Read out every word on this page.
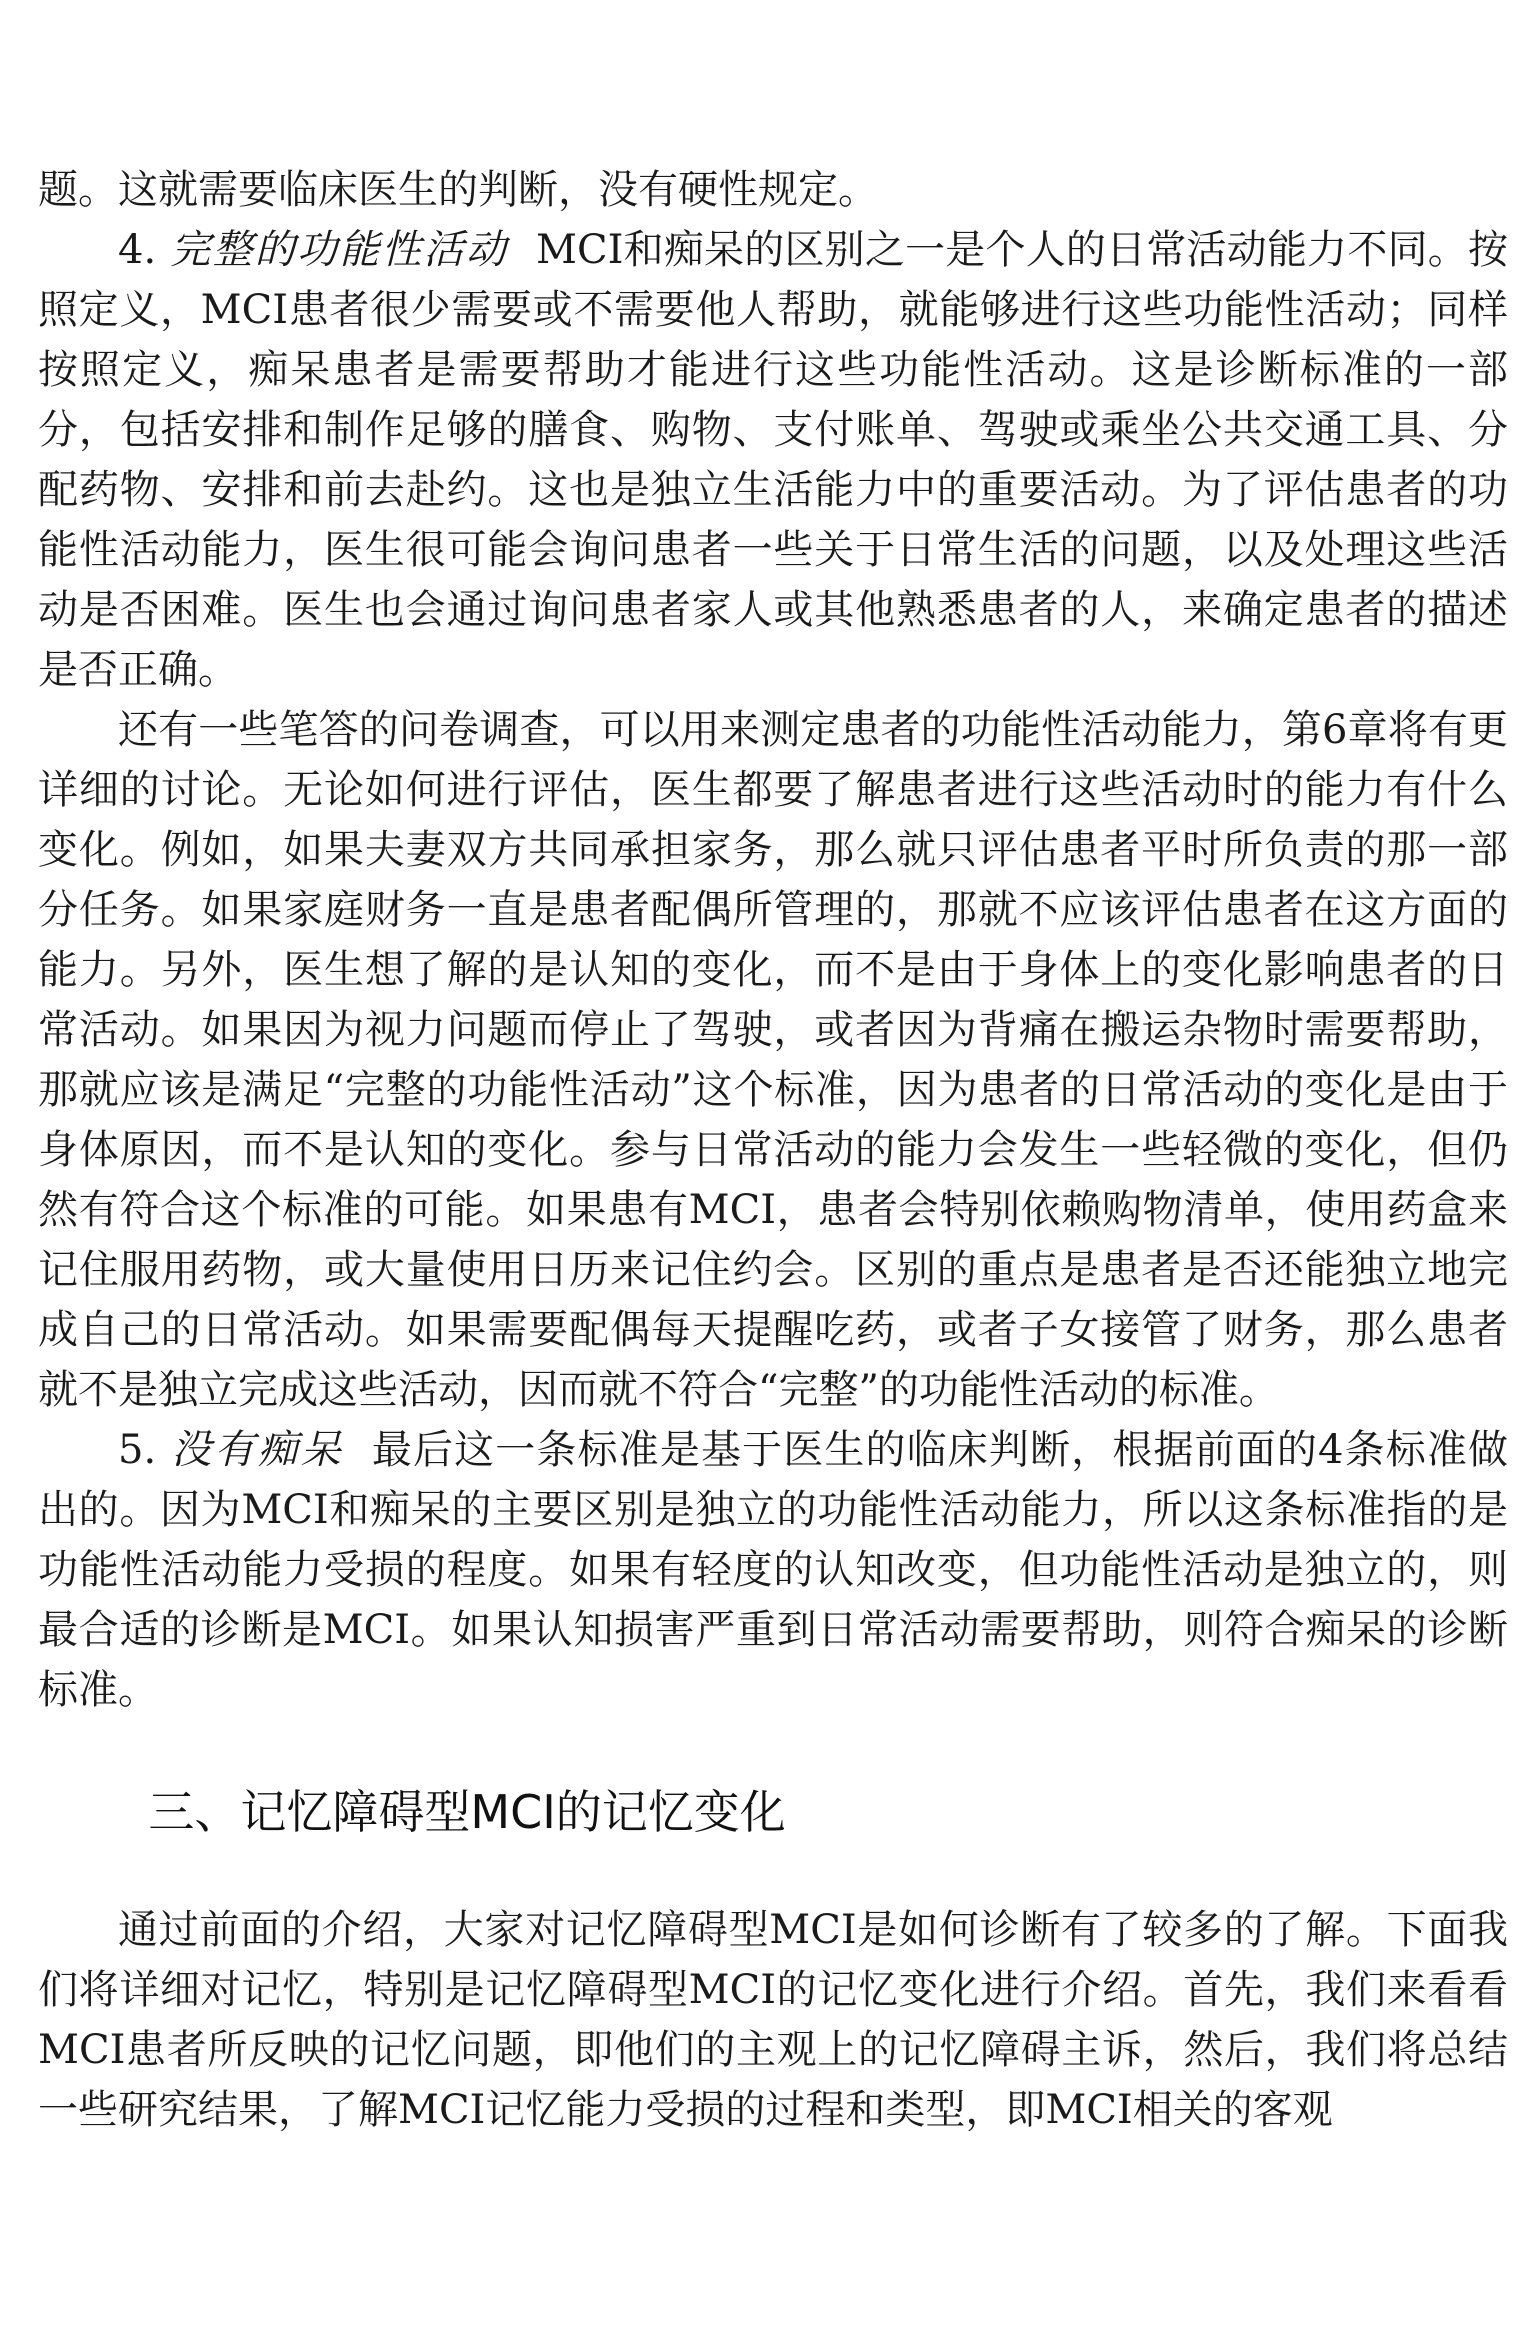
题。这就需要临床医生的判断，没有硬性规定。

4. 完整的功能性活动 MCI和痴呆的区别之一是个人的日常活动能力不同。按照定义，MCI患者很少需要或不需要他人帮助，就能够进行这些功能性活动；同样按照定义，痴呆患者是需要帮助才能进行这些功能性活动。这是诊断标准的一部分，包括安排和制作足够的膳食、购物、支付账单、驾驶或乘坐公共交通工具、分配药物、安排和前去赴约。这也是独立生活能力中的重要活动。为了评估患者的功能性活动能力，医生很可能会询问患者一些关于日常生活的问题，以及处理这些活动是否困难。医生也会通过询问患者家人或其他熟悉患者的人，来确定患者的描述是否正确。

还有一些笔答的问卷调查，可以用来测定患者的功能性活动能力，第6章将有更详细的讨论。无论如何进行评估，医生都要了解患者进行这些活动时的能力有什么变化。例如，如果夫妻双方共同承担家务，那么就只评估患者平时所负责的那一部分任务。如果家庭财务一直是患者配偶所管理的，那就不应该评估患者在这方面的能力。另外，医生想了解的是认知的变化，而不是由于身体上的变化影响患者的日常活动。如果因为视力问题而停止了驾驶，或者因为背痛在搬运杂物时需要帮助，那就应该是满足“完整的功能性活动”这个标准，因为患者的日常活动的变化是由于身体原因，而不是认知的变化。参与日常活动的能力会发生一些轻微的变化，但仍然有符合这个标准的可能。如果患有MCI，患者会特别依赖购物清单，使用药盒来记住服用药物，或大量使用日历来记住约会。区别的重点是患者是否还能独立地完成自己的日常活动。如果需要配偶每天提醒吃药，或者子女接管了财务，那么患者就不是独立完成这些活动，因而就不符合“完整”的功能性活动的标准。

5. 没有痴呆 最后这一条标准是基于医生的临床判断，根据前面的4条标准做出的。因为MCI和痴呆的主要区别是独立的功能性活动能力，所以这条标准指的是功能性活动能力受损的程度。如果有轻度的认知改变，但功能性活动是独立的，则最合适的诊断是MCI。如果认知损害严重到日常活动需要帮助，则符合痴呆的诊断标准。

三、记忆障碍型MCI的记忆变化

通过前面的介绍，大家对记忆障碍型MCI是如何诊断有了较多的了解。下面我们将详细对记忆，特别是记忆障碍型MCI的记忆变化进行介绍。首先，我们来看看MCI患者所反映的记忆问题，即他们的主观上的记忆障碍主诉，然后，我们将总结一些研究结果，了解MCI记忆能力受损的过程和类型，即MCI相关的客观
